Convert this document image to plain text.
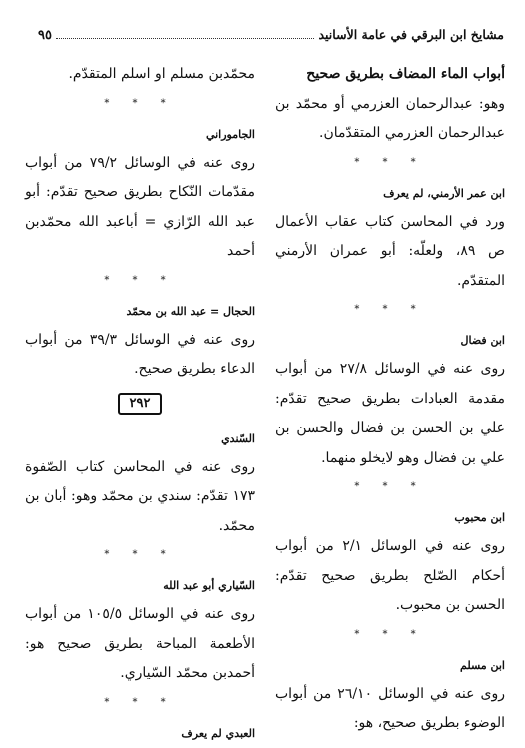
مشايخ ابن البرقي في عامة الأسانيد
٩٥

أبواب الماء المضاف بطريق صحيح

وهو: عبدالرحمان العزرمي أو محمّد بن عبدالرحمان العزرمي المتقدّمان.

* * *
ابن عمر الأرمني، لم يعرف

ورد في المحاسن كتاب عقاب الأعمال ص ٨٩، ولعلّه: أبو عمران الأرمني المتقدّم.

* * *
ابن فضال

روى عنه في الوسائل ٢٧/٨ من أبواب مقدمة العبادات بطريق صحيح تقدّم: علي بن الحسن بن فضال والحسن بن علي بن فضال وهو لايخلو منهما.

* * *
ابن محبوب

روى عنه في الوسائل ٢/١ من أبواب أحكام الصّلح بطريق صحيح تقدّم: الحسن بن محبوب.

* * *
ابن مسلم

روى عنه في الوسائل ٢٦/١٠ من أبواب الوضوء بطريق صحيح، هو:

محمّدبن مسلم او اسلم المتقدّم.

* * *
الجاموراني

روى عنه في الوسائل ٧٩/٢ من أبواب مقدّمات النّكاح بطريق صحيح تقدّم: أبو عبد الله الرّازي = أباعبد الله محمّدبن أحمد

* * *
الحجال = عبد الله بن محمّد

روى عنه في الوسائل ٣٩/٣ من أبواب الدعاء بطريق صحيح.

٢٩٢
السّندي

روى عنه في المحاسن كتاب الصّفوة ١٧٣ تقدّم: سندي بن محمّد وهو: أبان بن محمّد.

* * *
السّياري أبو عبد الله

روى عنه في الوسائل ١٠٥/٥ من أبواب الأطعمة المباحة بطريق صحيح هو: أحمدبن محمّد السّياري.

* * *
العبدي لم يعرف
